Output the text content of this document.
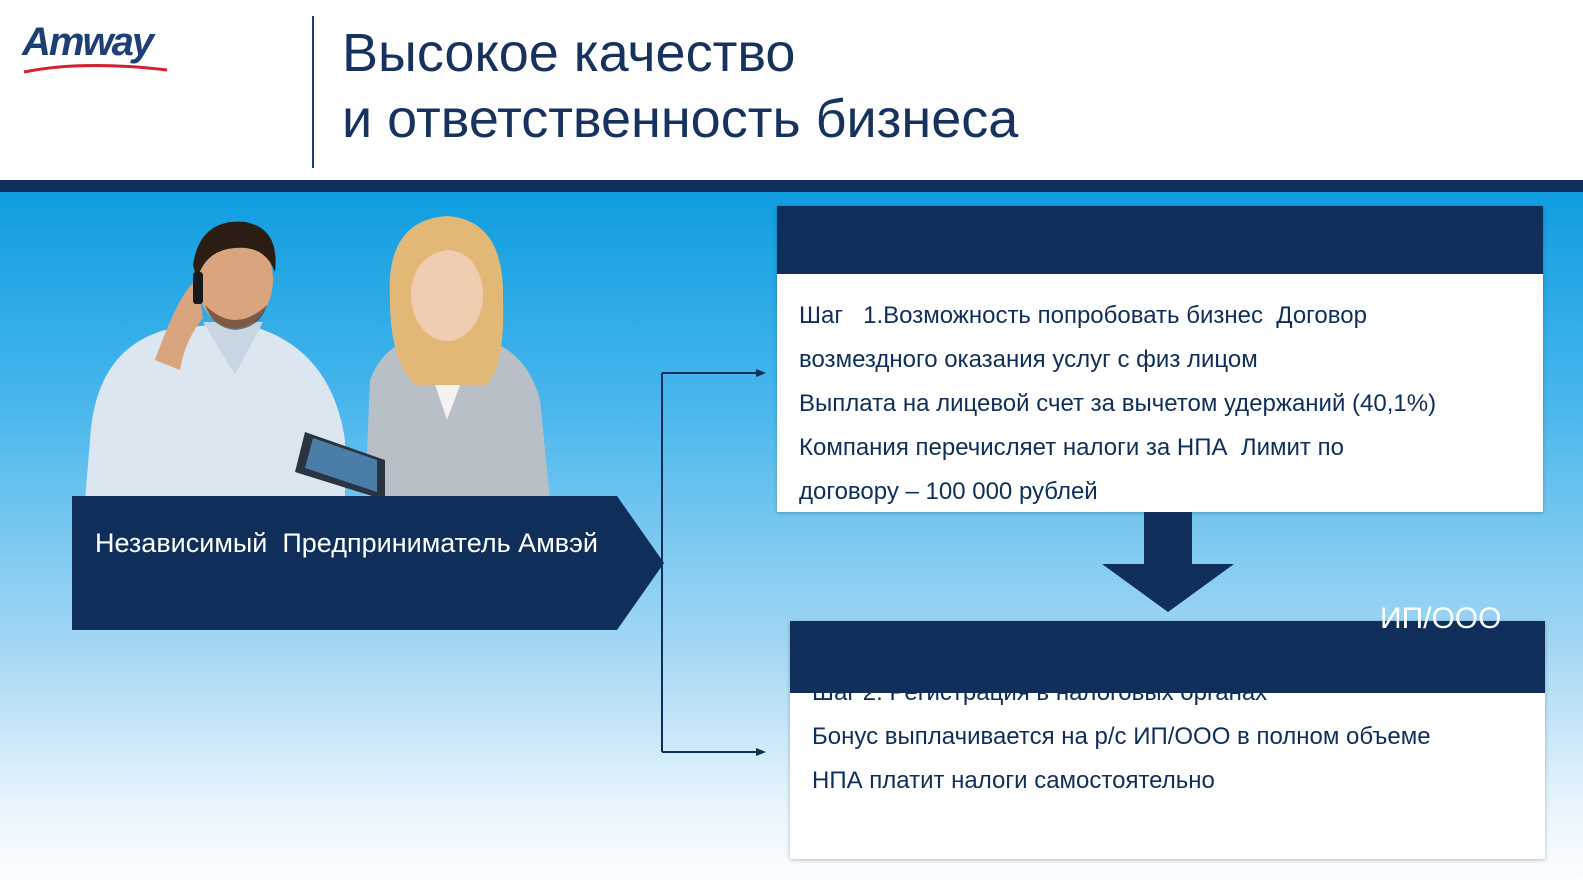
Amway	Высокое качество
и ответственность бизнеса
Независимый  Предприниматель Амвэй
Шаг   1.Возможность попробовать бизнес  Договор
возмездного оказания услуг с физ лицом
Выплата на лицевой счет за вычетом удержаний (40,1%)
Компания перечисляет налоги за НПА  Лимит по
договору – 100 000 рублей
Бонус выплачивается на р/с ИП/ООО в полном объеме
НПА платит налоги самостоятельно
ИП/ООО
